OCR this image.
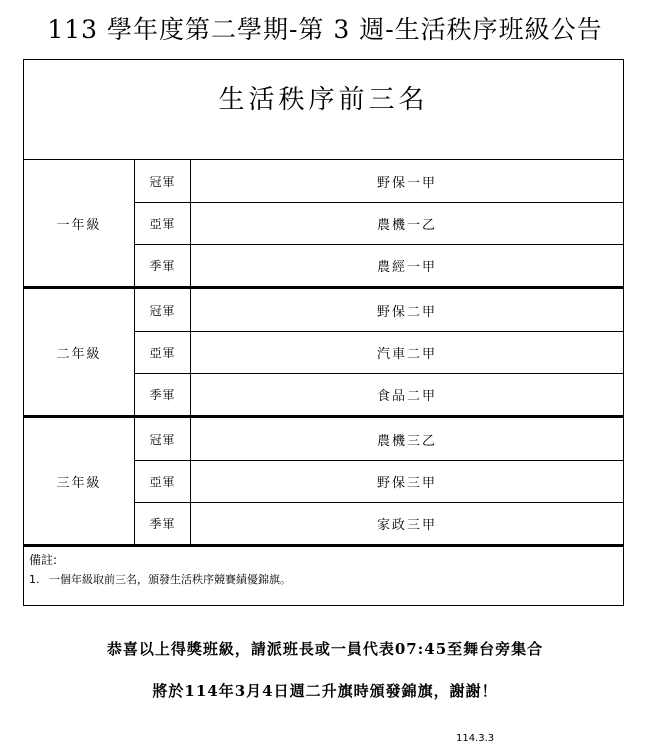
113 學年度第二學期-第 3 週-生活秩序班級公告
生活秩序前三名
一年級
冠軍	野保一甲
亞軍	農機一乙
季軍	農經一甲
二年級
冠軍	野保二甲
亞軍	汽車二甲
季軍	食品二甲
三年級
冠軍	農機三乙
亞軍	野保三甲
季軍	家政三甲
備註:
1. 一個年級取前三名，頒發生活秩序競賽績優錦旗。
恭喜以上得獎班級，請派班長或一員代表07:45至舞台旁集合
將於114年3月4日週二升旗時頒發錦旗，謝謝！
114.3.3
